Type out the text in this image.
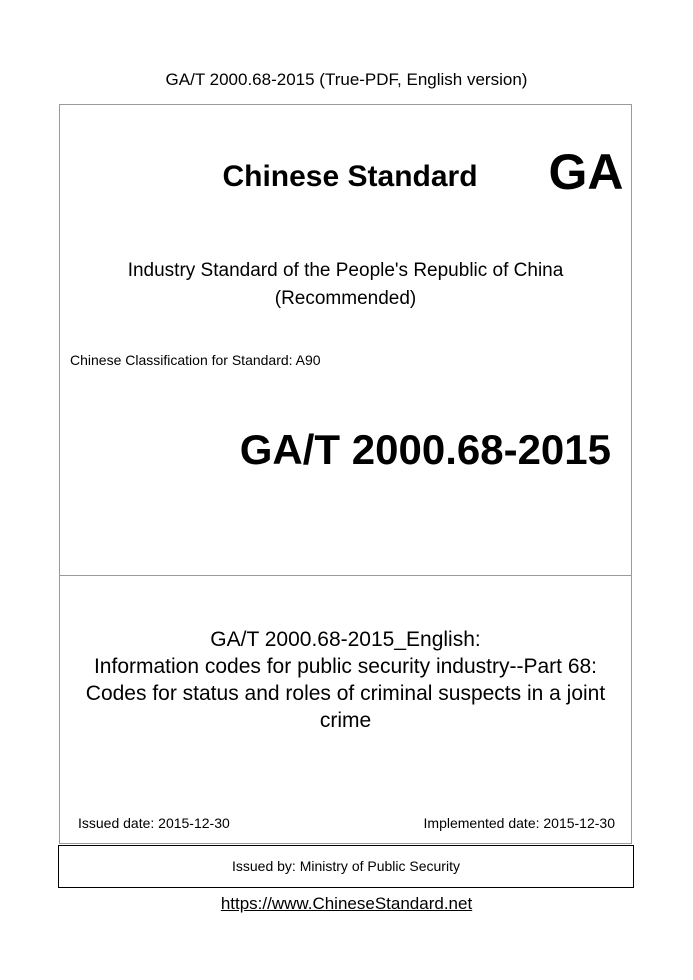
GA/T 2000.68-2015 (True-PDF, English version)
Chinese Standard	GA
Industry Standard of the People's Republic of China
(Recommended)
Chinese Classification for Standard: A90
GA/T 2000.68-2015
GA/T 2000.68-2015_English:
Information codes for public security industry--Part 68:
Codes for status and roles of criminal suspects in a joint
crime
Issued date: 2015-12-30	Implemented date: 2015-12-30
Issued by: Ministry of Public Security
https://www.ChineseStandard.net
